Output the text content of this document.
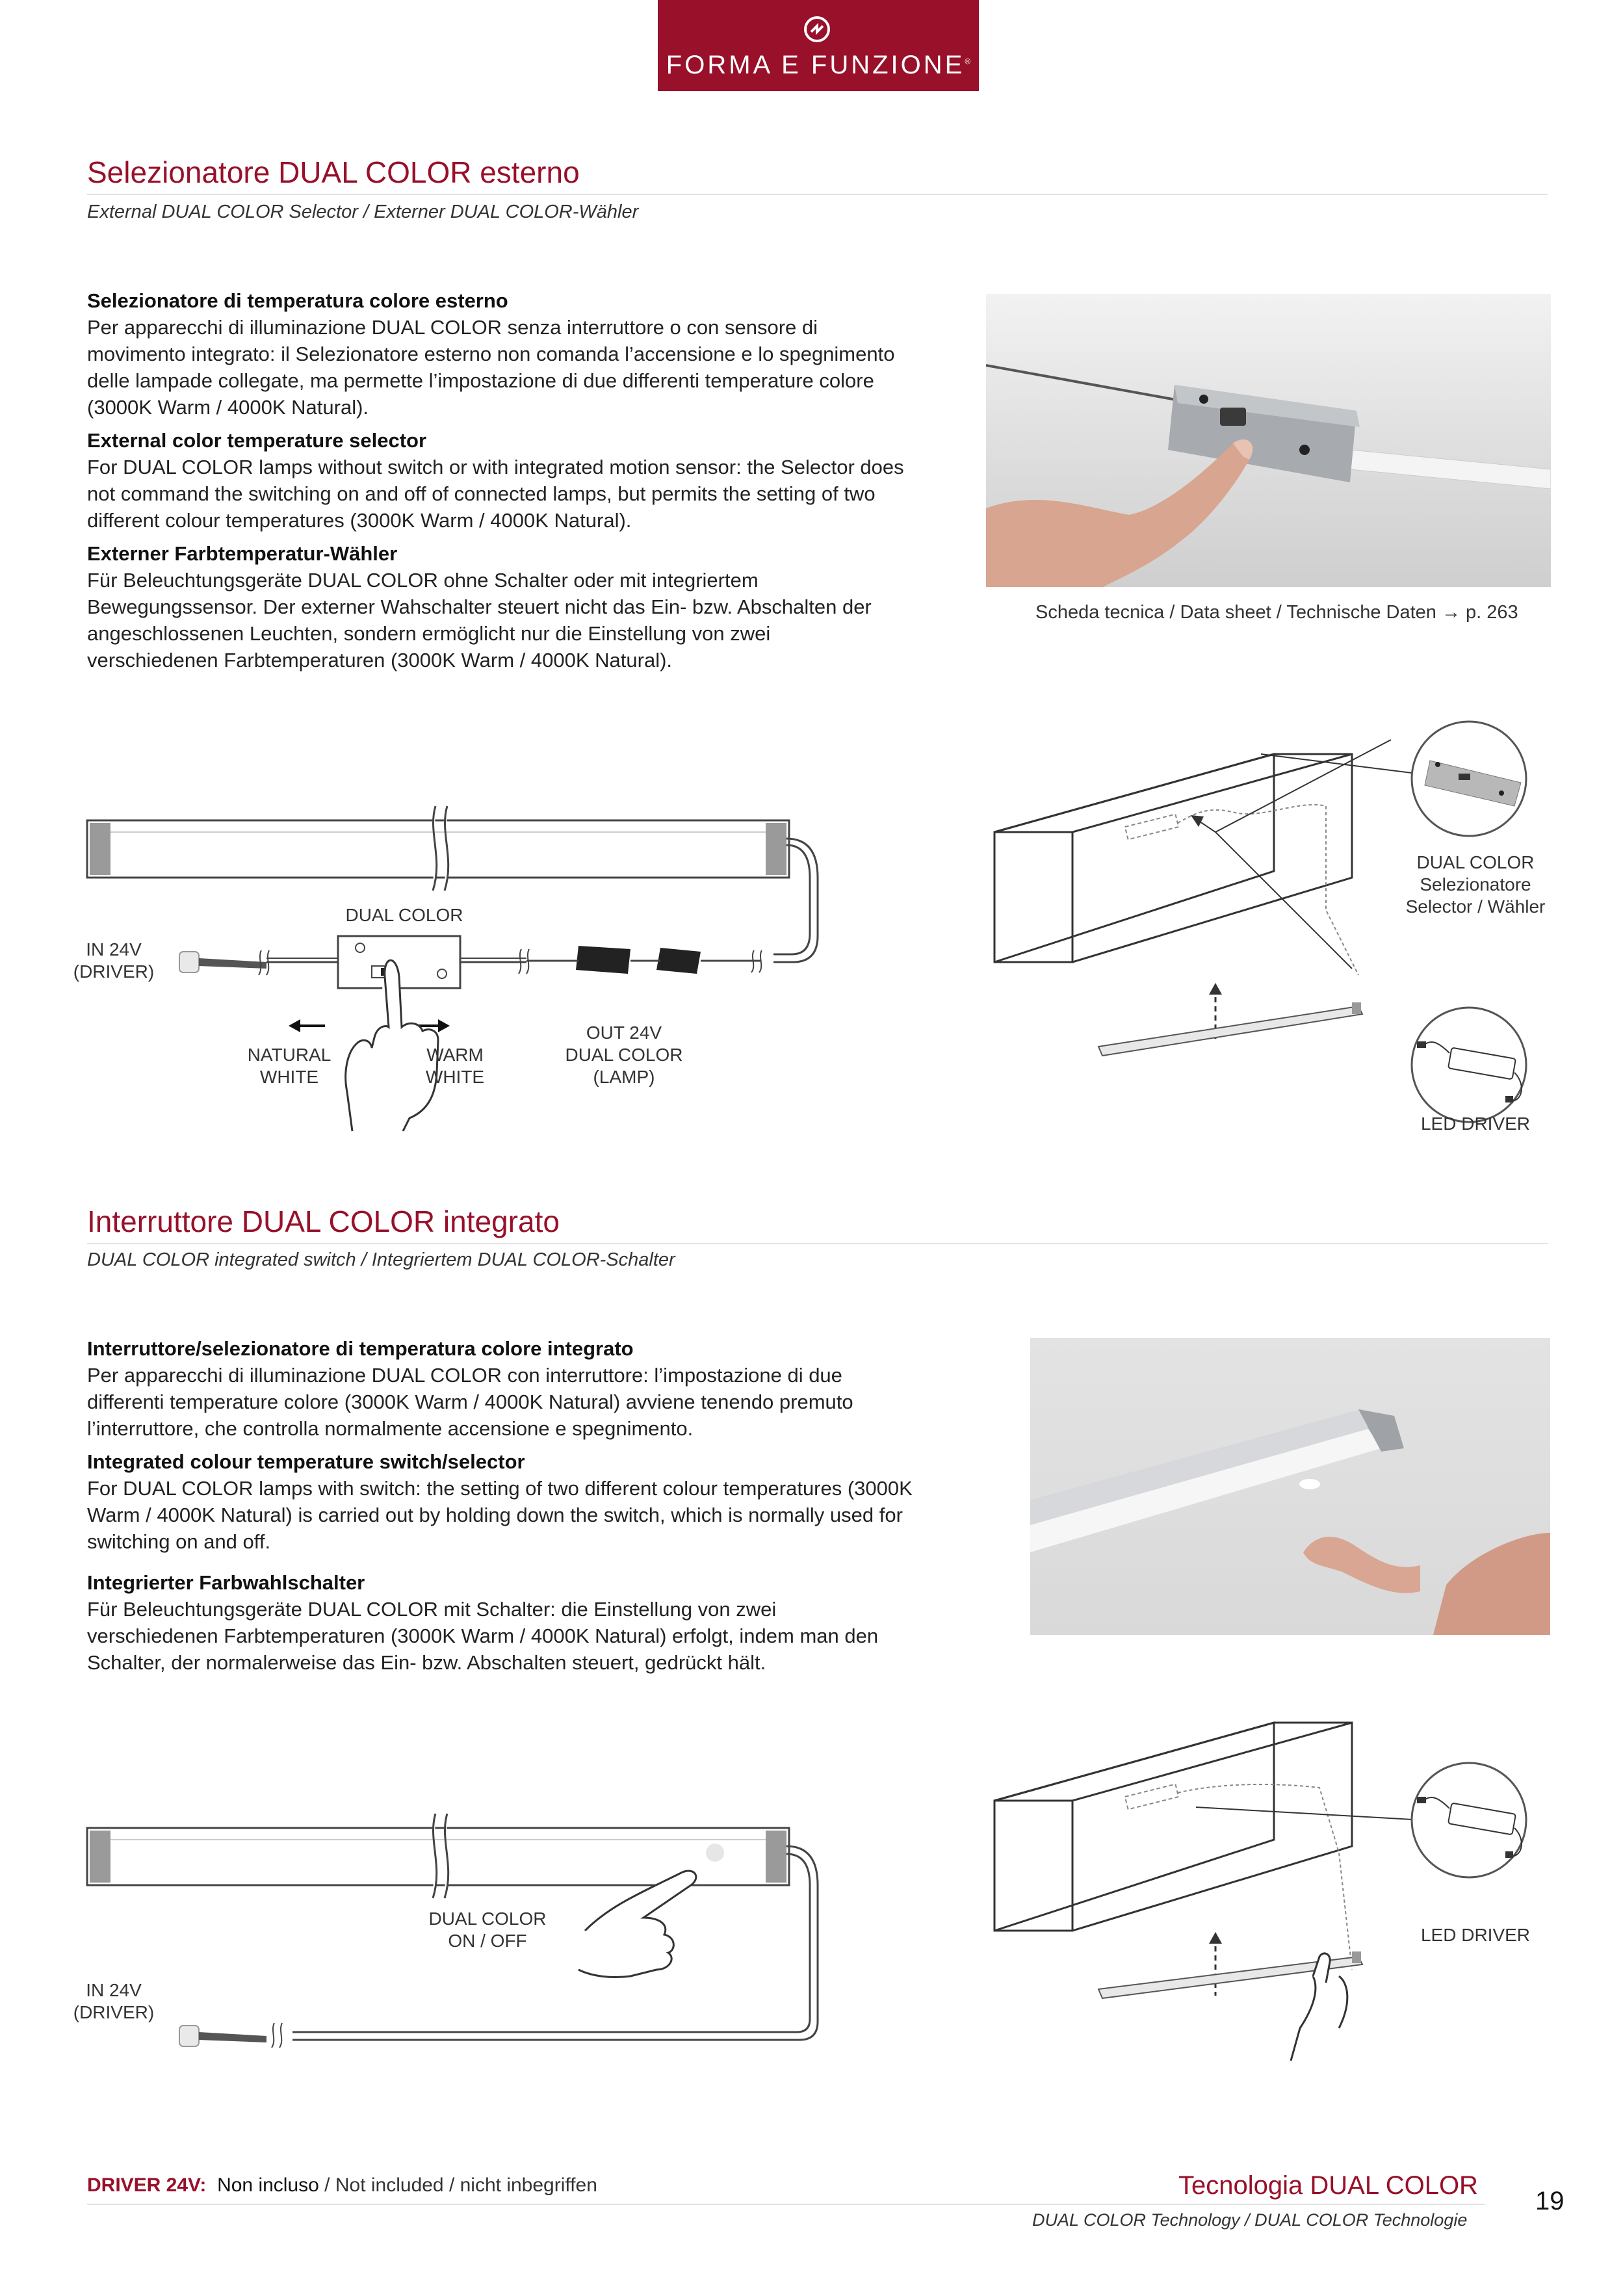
FORMA E FUNZIONE®
Selezionatore DUAL COLOR esterno
External DUAL COLOR Selector / Externer DUAL COLOR-Wähler

Selezionatore di temperatura colore esterno
Per apparecchi di illuminazione DUAL COLOR senza interruttore o con sensore di movimento integrato: il Selezionatore esterno non comanda l’accensione e lo spegnimento delle lampade collegate, ma permette l’impostazione di due differenti temperature colore (3000K Warm / 4000K Natural).

External color temperature selector
For DUAL COLOR lamps without switch or with integrated motion sensor: the Selector does not command the switching on and off of connected lamps, but permits the setting of two different colour temperatures (3000K Warm / 4000K Natural).

Externer Farbtemperatur-Wähler
Für Beleuchtungsgeräte DUAL COLOR ohne Schalter oder mit integriertem Bewegungssensor. Der externer Wahschalter steuert nicht das Ein- bzw. Abschalten der angeschlossenen Leuchten, sondern ermöglicht nur die Einstellung von zwei verschiedenen Farbtemperaturen (3000K Warm / 4000K Natural).

Scheda tecnica / Data sheet / Technische Daten → p. 263
DUAL COLOR
IN 24V
(DRIVER)
NATURAL
WHITE
WARM
WHITE
OUT 24V
DUAL COLOR
(LAMP)
DUAL COLOR
Selezionatore
Selector / Wähler
LED DRIVER
Interruttore DUAL COLOR integrato
DUAL COLOR integrated switch / Integriertem DUAL COLOR-Schalter

Interruttore/selezionatore di temperatura colore integrato
Per apparecchi di illuminazione DUAL COLOR con interruttore: l’impostazione di due differenti temperature colore (3000K Warm / 4000K Natural) avviene tenendo premuto l’interruttore, che controlla normalmente accensione e spegnimento.

Integrated colour temperature switch/selector
For DUAL COLOR lamps with switch: the setting of two different colour temperatures (3000K Warm / 4000K Natural) is carried out by holding down the switch, which is normally used for switching on and off.

Integrierter Farbwahlschalter
Für Beleuchtungsgeräte DUAL COLOR mit Schalter: die Einstellung von zwei verschiedenen Farbtemperaturen (3000K Warm / 4000K Natural) erfolgt, indem man den Schalter, der normalerweise das Ein- bzw. Abschalten steuert, gedrückt hält.

DUAL COLOR
ON / OFF
IN 24V
(DRIVER)
LED DRIVER
DRIVER 24V: Non incluso / Not included / nicht inbegriffen	Tecnologia DUAL COLOR
DUAL COLOR Technology / DUAL COLOR Technologie
19
